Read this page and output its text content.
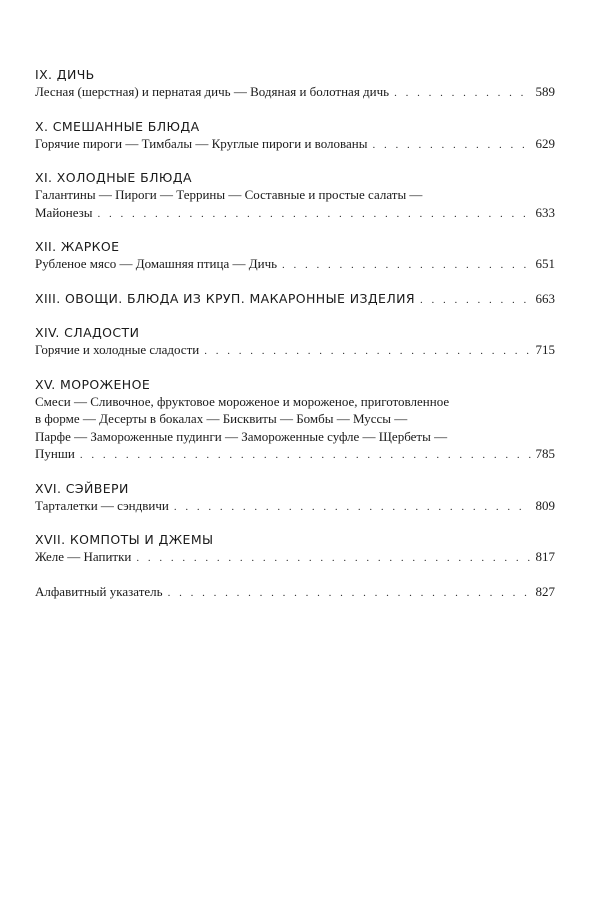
IX. ДИЧЬ
Лесная (шерстная) и пернатая дичь — Водяная и болотная дичь . . .	589
X. СМЕШАННЫЕ БЛЮДА
Горячие пироги — Тимбалы — Круглые пироги и волованы . . .	629
XI. ХОЛОДНЫЕ БЛЮДА
Галантины — Пироги — Террины — Составные и простые салаты —
Майонезы . . .	633
XII. ЖАРКОЕ
Рубленое мясо — Домашняя птица — Дичь . . .	651
XIII. ОВОЩИ. БЛЮДА ИЗ КРУП. МАКАРОННЫЕ ИЗДЕЛИЯ . . .	663
XIV. СЛАДОСТИ
Горячие и холодные сладости . . .	715
XV. МОРОЖЕНОЕ
Смеси — Сливочное, фруктовое мороженое и мороженое, приготовленное
в форме — Десерты в бокалах — Бисквиты — Бомбы — Муссы —
Парфе — Замороженные пудинги — Замороженные суфле — Щербеты —
Пунши . . .	785
XVI. СЭЙВЕРИ
Тарталетки — сэндвичи . . .	809
XVII. КОМПОТЫ И ДЖЕМЫ
Желе — Напитки . . .	817
Алфавитный указатель . . .	827
